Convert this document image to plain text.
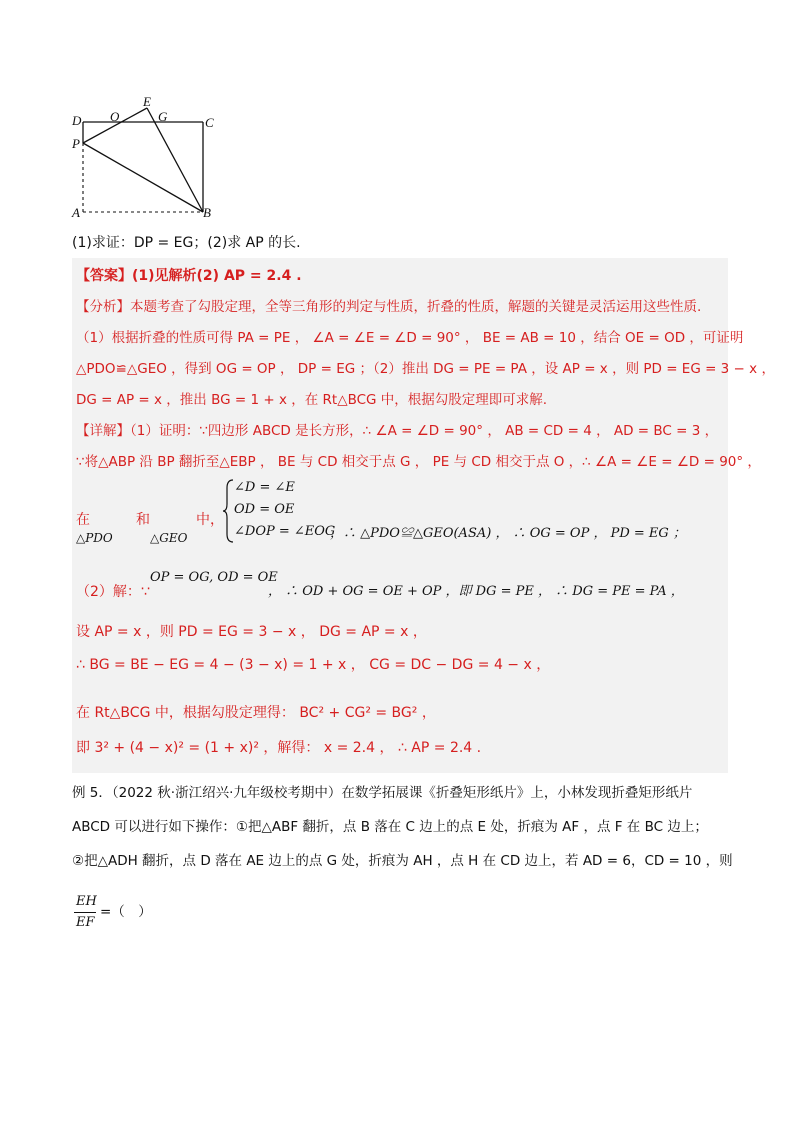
D O
E
G	C
P
A	B
(1)求证：DP = EG；(2)求 AP 的长.
【答案】(1)见解析(2) AP = 2.4 .
【分析】本题考查了勾股定理，全等三角形的判定与性质，折叠的性质，解题的关键是灵活运用这些性质.
（1）根据折叠的性质可得 PA = PE ， ∠A = ∠E = ∠D = 90° ， BE = AB = 10 ，结合 OE = OD ，可证明
△PDO≌△GEO ，得到 OG = OP ， DP = EG ；（2）推出 DG = PE = PA ，设 AP = x ，则 PD = EG = 3 − x ，
DG = AP = x ，推出 BG = 1 + x ，在 Rt△BCG 中，根据勾股定理即可求解.
【详解】（1）证明：∵四边形 ABCD 是长方形，∴ ∠A = ∠D = 90° ， AB = CD = 4 ， AD = BC = 3 ，
∵将△ABP 沿 BP 翻折至△EBP ， BE 与 CD 相交于点 G ， PE 与 CD 相交于点 O ，∴ ∠A = ∠E = ∠D = 90° ，
在	和	中，
△PDO	△GEO
∠D = ∠E
OD = OE
∠DOP = ∠EOG
，∴ △PDO≌△GEO(ASA) ， ∴ OG = OP ， PD = EG ；
（2）解：∵
OP = OG, OD = OE
， ∴ OD + OG = OE + OP ，即 DG = PE ， ∴ DG = PE = PA ，
设 AP = x ，则 PD = EG = 3 − x ， DG = AP = x ，
∴ BG = BE − EG = 4 − (3 − x) = 1 + x ， CG = DC − DG = 4 − x ，
在 Rt△BCG 中，根据勾股定理得： BC² + CG² = BG² ，
即 3² + (4 − x)² = (1 + x)² ，解得： x = 2.4 ， ∴ AP = 2.4 .
例 5．（2022 秋·浙江绍兴·九年级校考期中）在数学拓展课《折叠矩形纸片》上，小林发现折叠矩形纸片
ABCD 可以进行如下操作：①把△ABF 翻折，点 B 落在 C 边上的点 E 处，折痕为 AF ，点 F 在 BC 边上；
②把△ADH 翻折，点 D 落在 AE 边上的点 G 处，折痕为 AH ，点 H 在 CD 边上，若 AD = 6，CD = 10 ，则
EH
EF
=（　）
